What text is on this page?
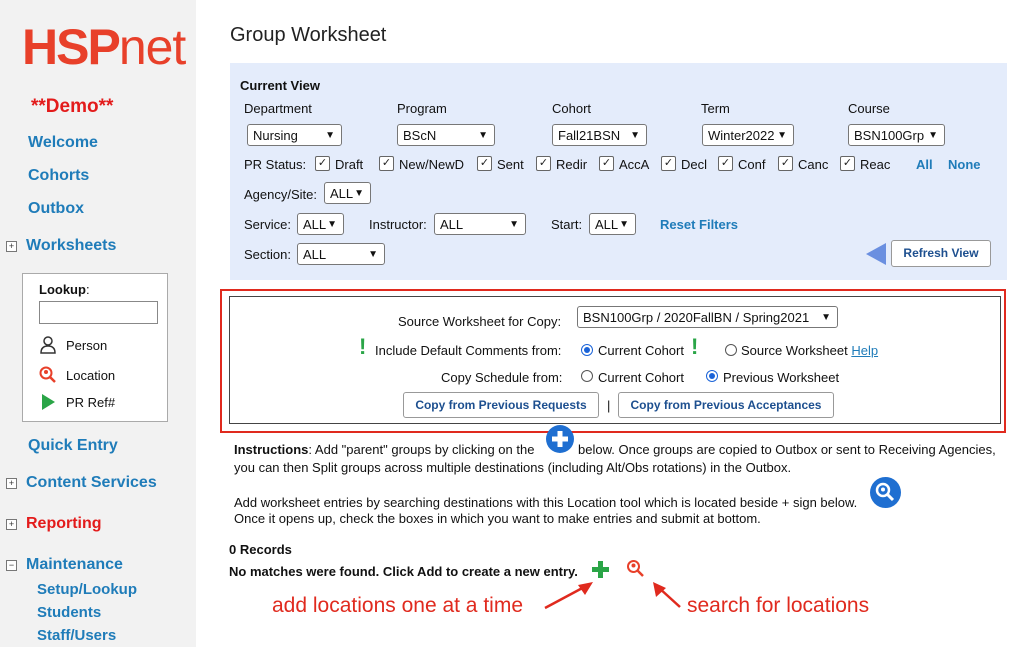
HSPnet
**Demo**
Welcome
Cohorts
Outbox
+ Worksheets
Lookup:
Person
Location
PR Ref#
Quick Entry
+ Content Services
+ Reporting
− Maintenance
Setup/Lookup
Students
Staff/Users
Group Worksheet
Current View
Department
Nursing	▼
Program
BScN	▼
Cohort
Fall21BSN ▼
Term
Winter2022 ▼
Course
BSN100Grp ▼
PR Status: ✓ Draft ✓ New/NewD ✓ Sent ✓ Redir ✓ AccA ✓ Decl ✓ Conf ✓ Canc ✓ Reac All None
Agency/Site:	ALL ▼
Service: ALL ▼ Instructor:	ALL	▼ Start: ALL ▼ Reset Filters
Section: ALL	▼	Refresh View
Source Worksheet for Copy:	BSN100Grp / 2020FallBN / Spring2021 ▼
! Include Default Comments from:	Current Cohort !	Source Worksheet Help
Copy Schedule from:	Current Cohort	Previous Worksheet
Copy from Previous Requests	|	Copy from Previous Acceptances
Instructions: Add "parent" groups by clicking on the	below. Once groups are copied to Outbox or sent to Receiving Agencies,
you can then Split groups across multiple destinations (including Alt/Obs rotations) in the Outbox.
Add worksheet entries by searching destinations with this Location tool which is located beside + sign below.
Once it opens up, check the boxes in which you want to make entries and submit at bottom.
0 Records
No matches were found. Click Add to create a new entry.
add locations one at a time	search for locations
